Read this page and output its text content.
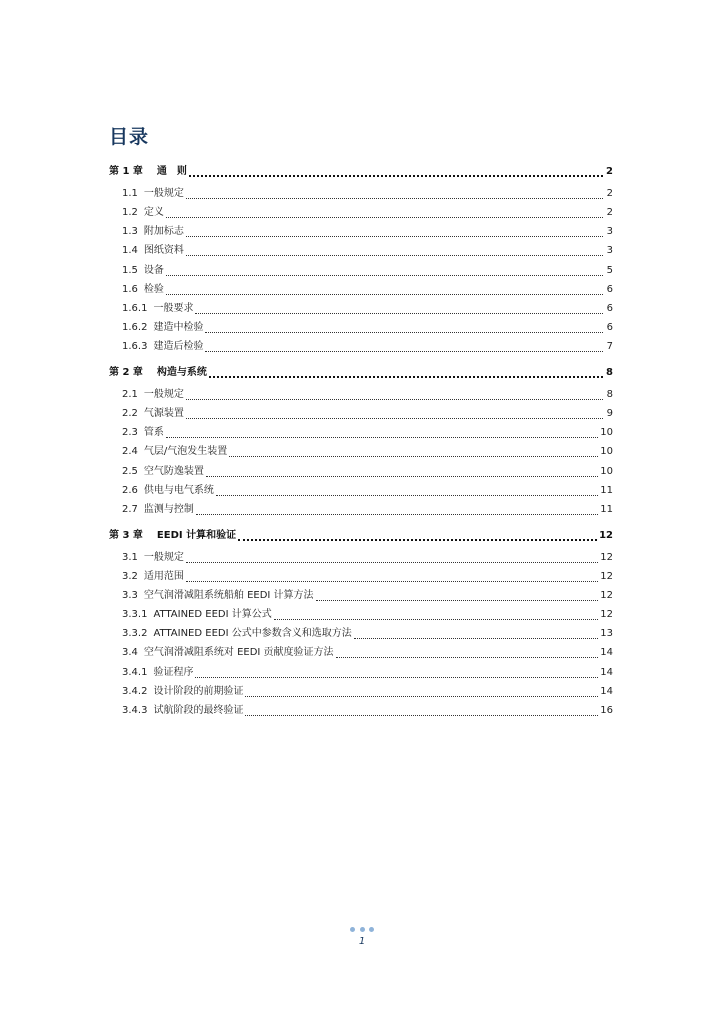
目录
第 1 章 通　则	2
1.1 一般规定	2
1.2 定义	2
1.3 附加标志	3
1.4 图纸资料	3
1.5 设备	5
1.6 检验	6
1.6.1 一般要求	6
1.6.2 建造中检验	6
1.6.3 建造后检验	7
第 2 章 构造与系统	8
2.1 一般规定	8
2.2 气源装置	9
2.3 管系	10
2.4 气层/气泡发生装置	10
2.5 空气防逸装置	10
2.6 供电与电气系统	11
2.7 监测与控制	11
第 3 章 EEDI 计算和验证	12
3.1 一般规定	12
3.2 适用范围	12
3.3 空气润滑减阻系统船舶 EEDI 计算方法	12
3.3.1 ATTAINED EEDI 计算公式	12
3.3.2 ATTAINED EEDI 公式中参数含义和选取方法	13
3.4 空气润滑减阻系统对 EEDI 贡献度验证方法	14
3.4.1 验证程序	14
3.4.2 设计阶段的前期验证	14
3.4.3 试航阶段的最终验证	16
1
